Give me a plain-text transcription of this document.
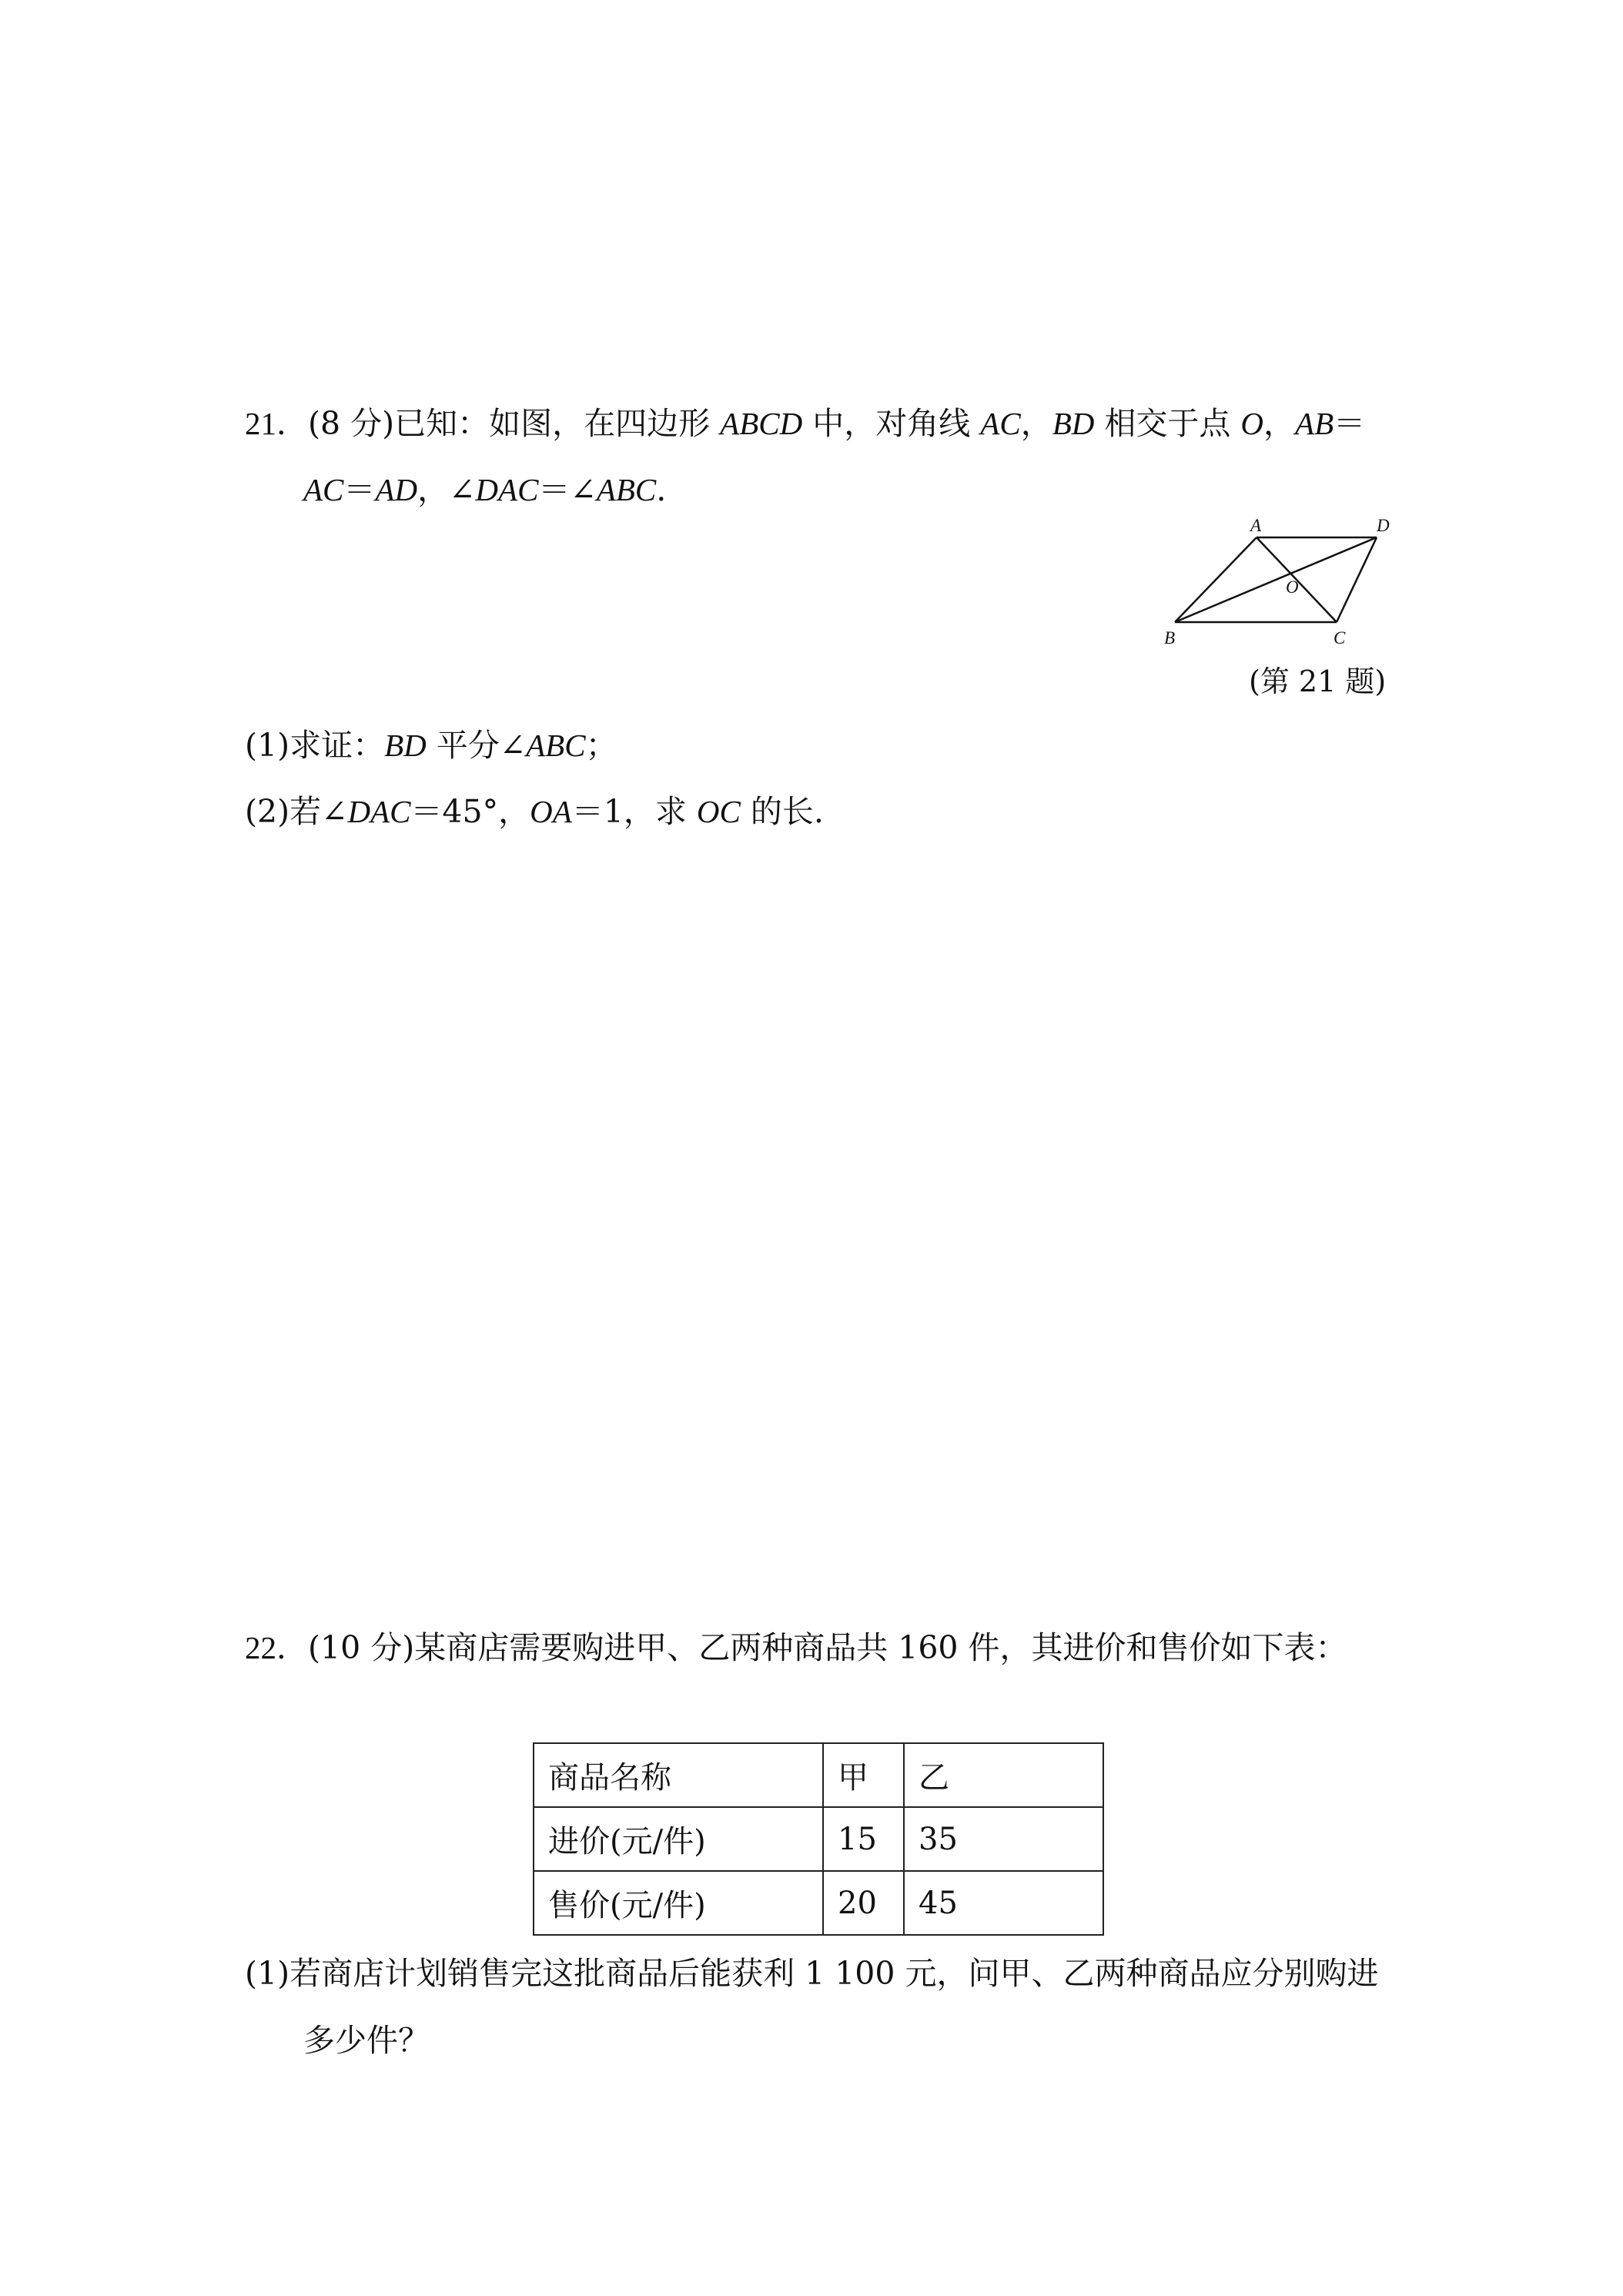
21．(8 分)已知：如图，在四边形 ABCD 中，对角线 AC，BD 相交于点 O，AB＝
AC＝AD，∠DAC＝∠ABC.
A	D
B	C
O
(第 21 题)
(1)求证：BD 平分∠ABC；
(2)若∠DAC＝45°，OA＝1，求 OC 的长.
22．(10 分)某商店需要购进甲、乙两种商品共 160 件，其进价和售价如下表：
商品名称	甲	乙
进价(元/件)	15	35
售价(元/件)	20	45
(1)若商店计划销售完这批商品后能获利 1 100 元，问甲、乙两种商品应分别购进
多少件？
